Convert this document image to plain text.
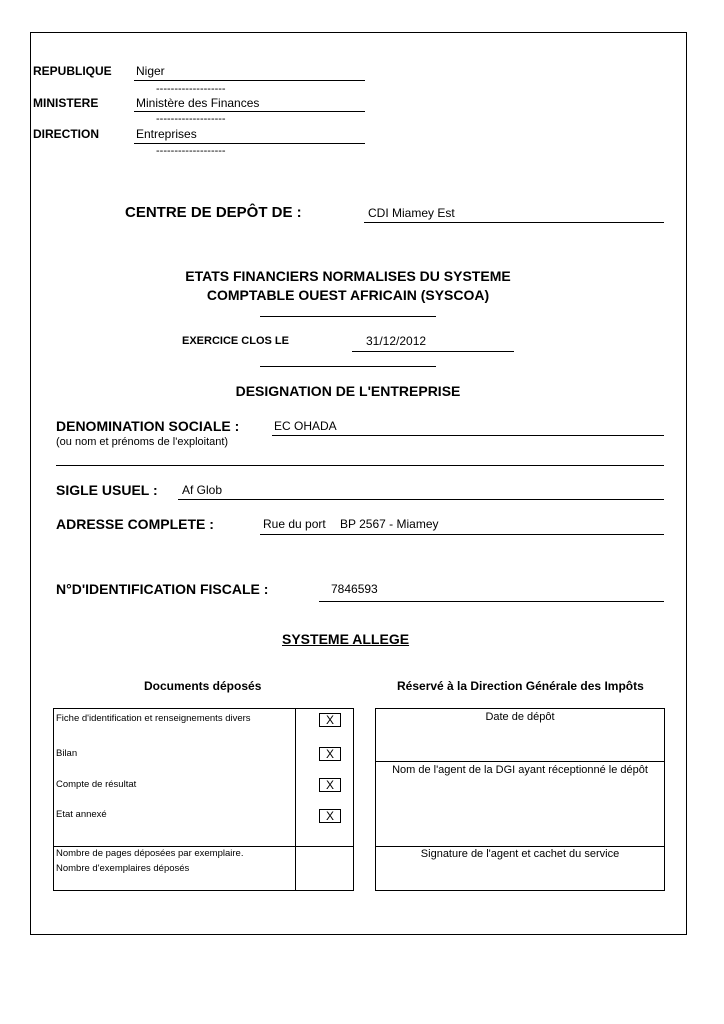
REPUBLIQUE Niger
-------------------
MINISTERE	Ministère des Finances
-------------------
DIRECTION	Entreprises
-------------------
CENTRE DE DEPÔT DE :	CDI Miamey Est
ETATS FINANCIERS NORMALISES DU SYSTEME
COMPTABLE OUEST AFRICAIN (SYSCOA)
EXERCICE CLOS LE	31/12/2012
DESIGNATION DE L'ENTREPRISE
DENOMINATION SOCIALE :
(ou nom et prénoms de l'exploitant)
EC OHADA
SIGLE USUEL : Af Glob
ADRESSE COMPLETE :	Rue du port BP 2567 - Miamey
N°D'IDENTIFICATION FISCALE :	7846593
SYSTEME ALLEGE
Documents déposés
Fiche d'identification et renseignements divers	X
Bilan	X
Compte de résultat	X
Etat annexé	X
Nombre de pages déposées par exemplaire.
Nombre d'exemplaires déposés
Réservé à la Direction Générale des Impôts
Date de dépôt
Nom de l'agent de la DGI ayant réceptionné le dépôt
Signature de l'agent et cachet du service
